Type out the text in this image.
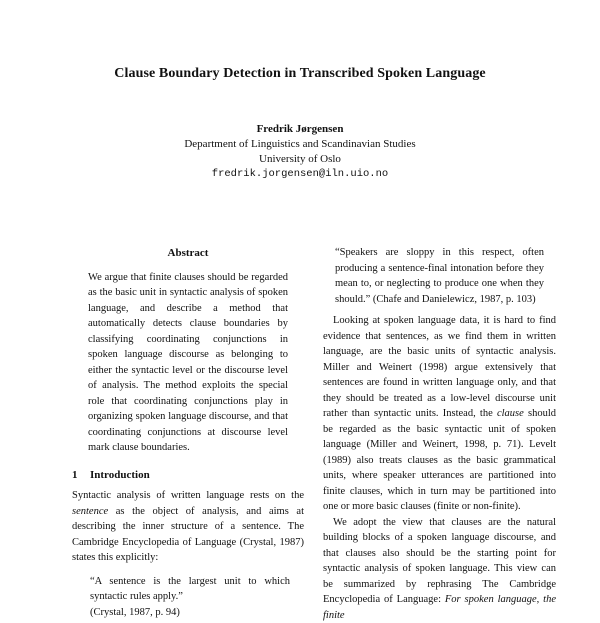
Clause Boundary Detection in Transcribed Spoken Language
Fredrik Jørgensen
Department of Linguistics and Scandinavian Studies
University of Oslo
fredrik.jorgensen@iln.uio.no
Abstract

We argue that finite clauses should be regarded as the basic unit in syntactic analysis of spoken language, and describe a method that automatically detects clause boundaries by classifying coordinating conjunctions in spoken language discourse as belonging to either the syntactic level or the discourse level of analysis. The method exploits the special role that coordinating conjunctions play in organizing spoken language discourse, and that coordinating conjunctions at discourse level mark clause boundaries.

1 Introduction

Syntactic analysis of written language rests on the sentence as the object of analysis, and aims at describing the inner structure of a sentence. The Cambridge Encyclopedia of Language (Crystal, 1987) states this explicitly:

“A sentence is the largest unit to which syntactic rules apply.”

(Crystal, 1987, p. 94)

“Speakers are sloppy in this respect, often producing a sentence-final intonation before they mean to, or neglecting to produce one when they should.” (Chafe and Danielewicz, 1987, p. 103)

Looking at spoken language data, it is hard to find evidence that sentences, as we find them in written language, are the basic units of syntactic analysis. Miller and Weinert (1998) argue extensively that sentences are found in written language only, and that they should be treated as a low-level discourse unit rather than syntactic units. Instead, the clause should be regarded as the basic syntactic unit of spoken language (Miller and Weinert, 1998, p. 71). Levelt (1989) also treats clauses as the basic grammatical units, where speaker utterances are partitioned into finite clauses, which in turn may be partitioned into one or more basic clauses (finite or non-finite).

We adopt the view that clauses are the natural building blocks of a spoken language discourse, and that clauses also should be the starting point for syntactic analysis of spoken language. This view can be summarized by rephrasing The Cambridge Encyclopedia of Language: For spoken language, the finite
